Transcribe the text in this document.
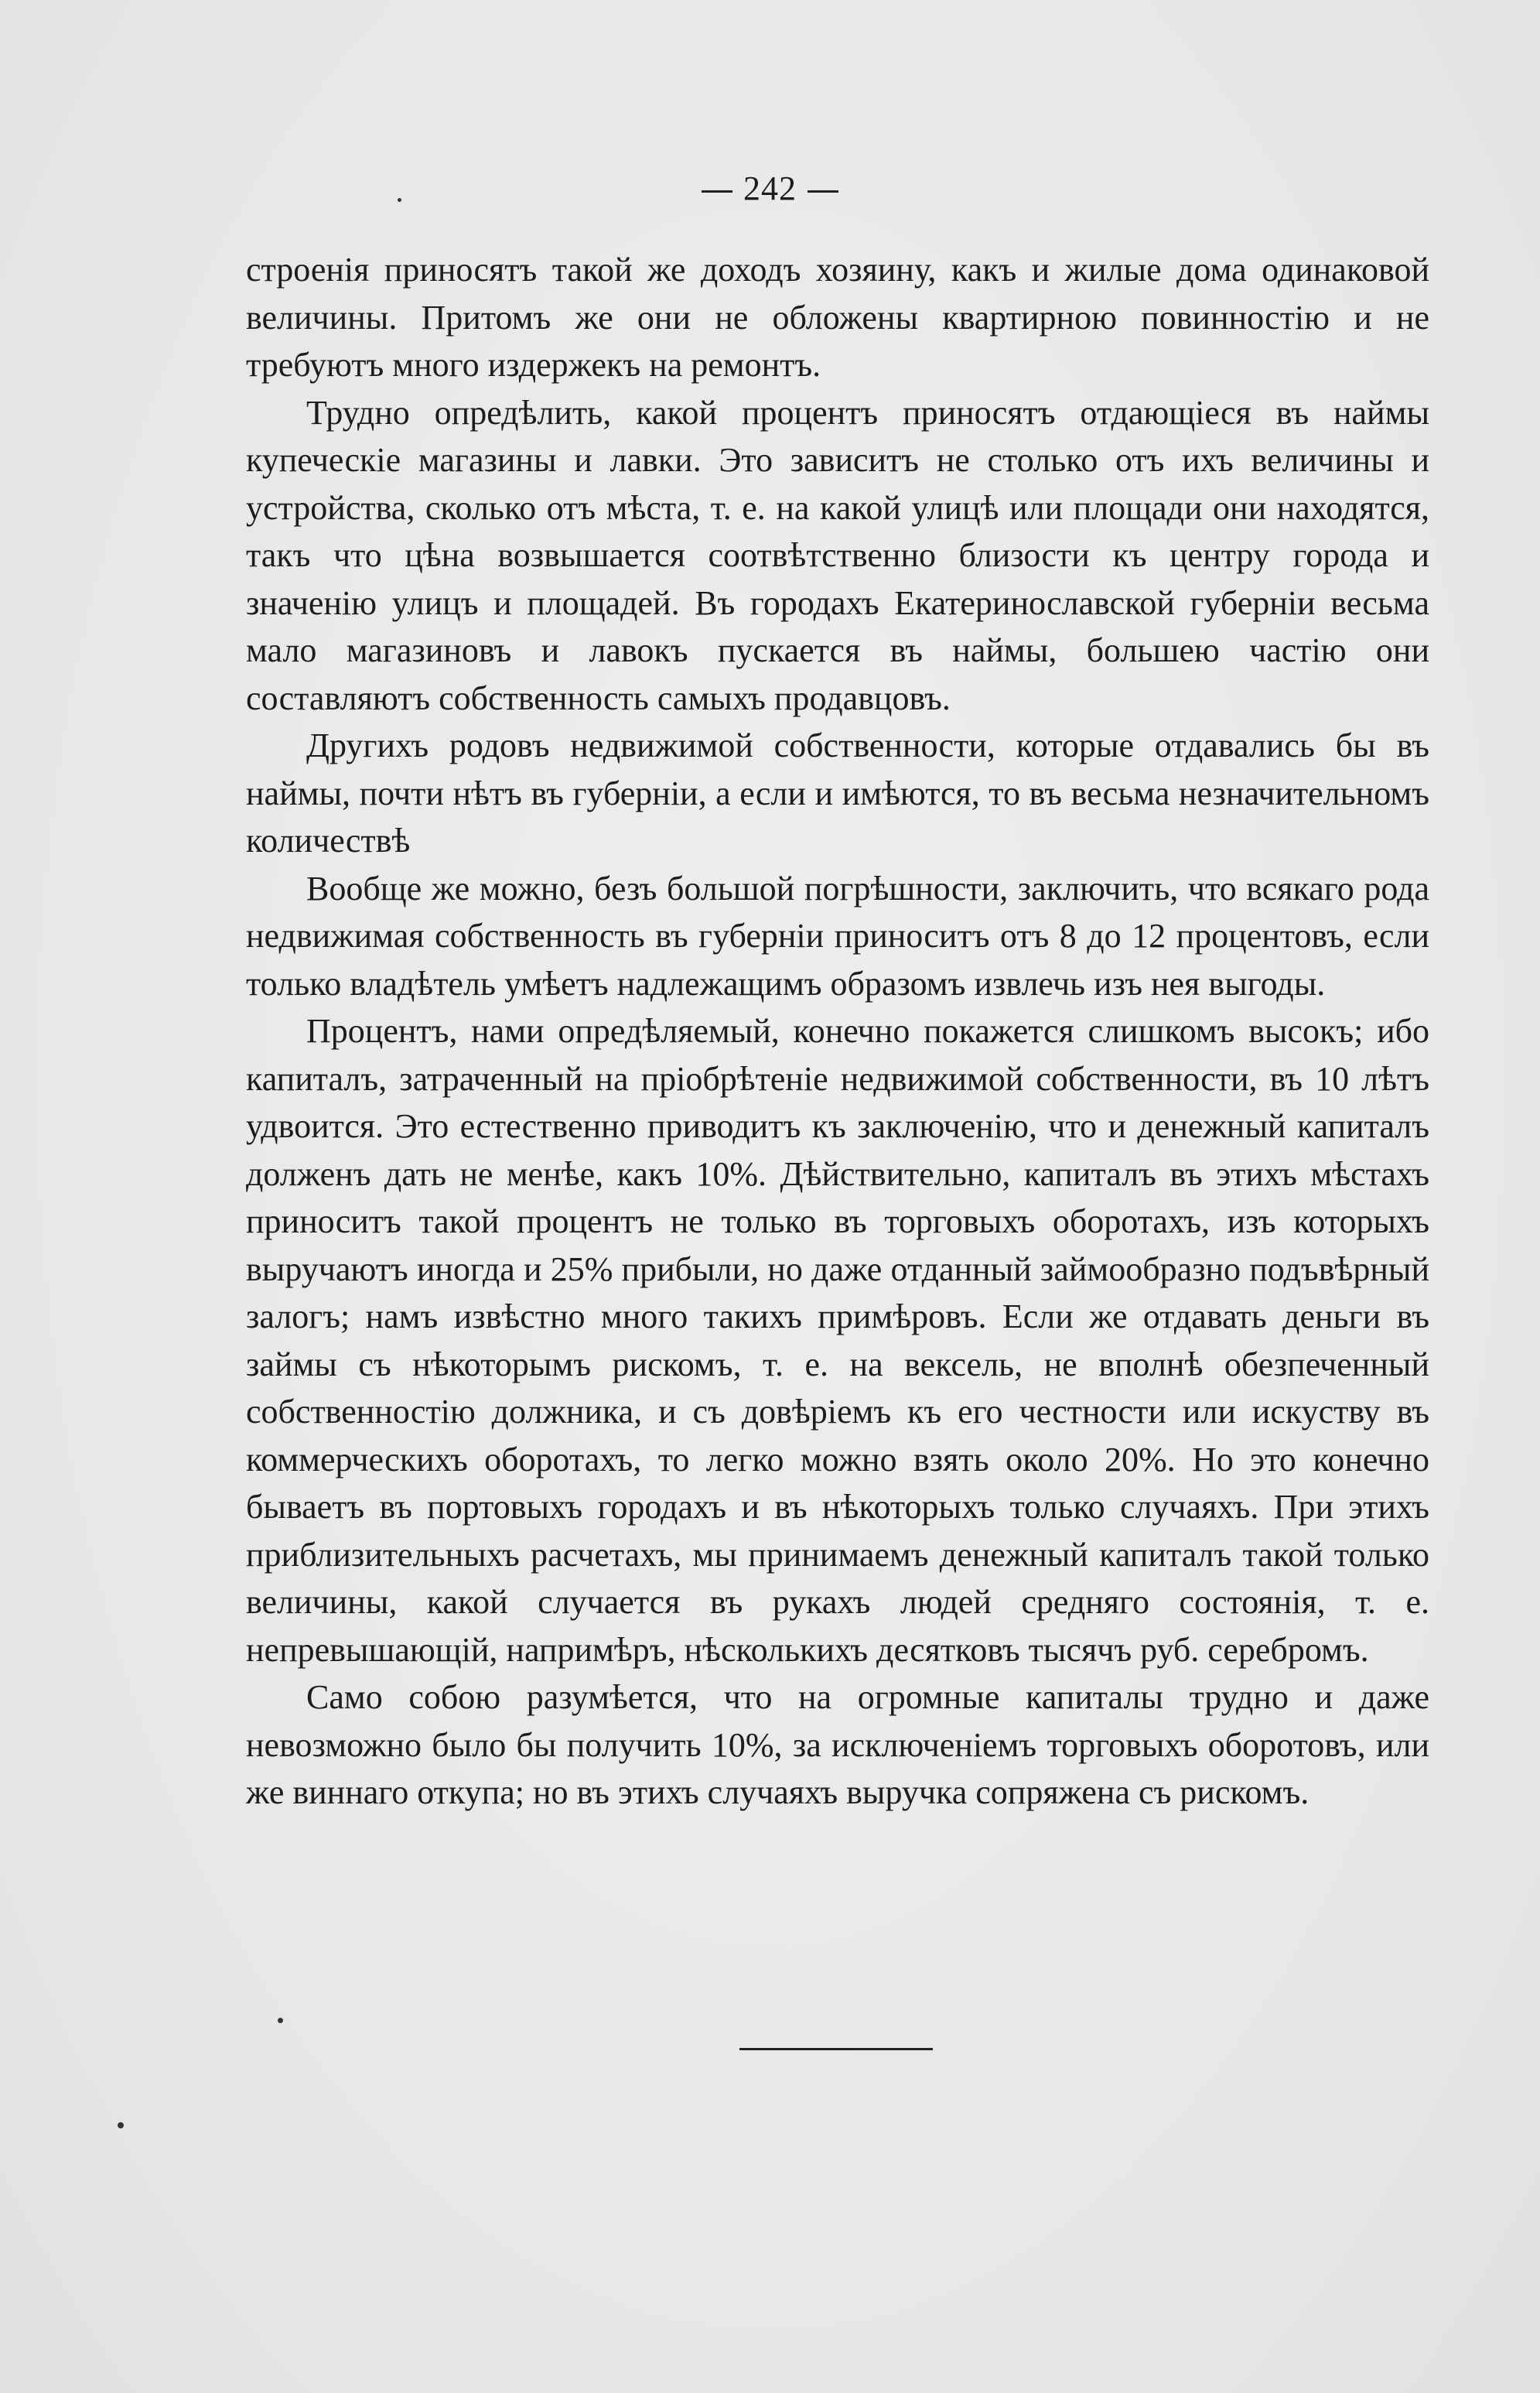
242

строенія приносятъ такой же доходъ хозяину, какъ и жилые дома одинаковой величины. Притомъ же они не обложены квартирною повинностію и не требуютъ много издержекъ на ремонтъ.

Трудно опредѣлить, какой процентъ приносятъ отдающіеся въ наймы купеческіе магазины и лавки. Это зависитъ не столько отъ ихъ величины и устройства, сколько отъ мѣста, т. е. на какой улицѣ или площади они находятся, такъ что цѣна возвышается соотвѣтственно близости къ центру города и значенію улицъ и площадей. Въ городахъ Екатеринославской губерніи весьма мало магазиновъ и лавокъ пускается въ наймы, большею частію они составляютъ собственность самыхъ продавцовъ.

Другихъ родовъ недвижимой собственности, которые отдавались бы въ наймы, почти нѣтъ въ губерніи, а если и имѣются, то въ весьма незначительномъ количествѣ

Вообще же можно, безъ большой погрѣшности, заключить, что всякаго рода недвижимая собственность въ губерніи приноситъ отъ 8 до 12 процентовъ, если только владѣтель умѣетъ надлежащимъ образомъ извлечь изъ нея выгоды.

Процентъ, нами опредѣляемый, конечно покажется слишкомъ высокъ; ибо капиталъ, затраченный на пріобрѣтеніе недвижимой собственности, въ 10 лѣтъ удвоится. Это естественно приводитъ къ заключенію, что и денежный капиталъ долженъ дать не менѣе, какъ 10%. Дѣйствительно, капиталъ въ этихъ мѣстахъ приноситъ такой процентъ не только въ торговыхъ оборотахъ, изъ которыхъ выручаютъ иногда и 25% прибыли, но даже отданный займообразно подъвѣрный залогъ; намъ извѣстно много такихъ примѣровъ. Если же отдавать деньги въ займы съ нѣкоторымъ рискомъ, т. е. на вексель, не вполнѣ обезпеченный собственностію должника, и съ довѣріемъ къ его честности или искуству въ коммерческихъ оборотахъ, то легко можно взять около 20%. Но это конечно бываетъ въ портовыхъ городахъ и въ нѣкоторыхъ только случаяхъ. При этихъ приблизительныхъ расчетахъ, мы принимаемъ денежный капиталъ такой только величины, какой случается въ рукахъ людей средняго состоянія, т. е. непревышающій, напримѣръ, нѣсколькихъ десятковъ тысячъ руб. серебромъ.

Само собою разумѣется, что на огромные капиталы трудно и даже невозможно было бы получить 10%, за исключеніемъ торговыхъ оборотовъ, или же виннаго откупа; но въ этихъ случаяхъ выручка сопряжена съ рискомъ.
